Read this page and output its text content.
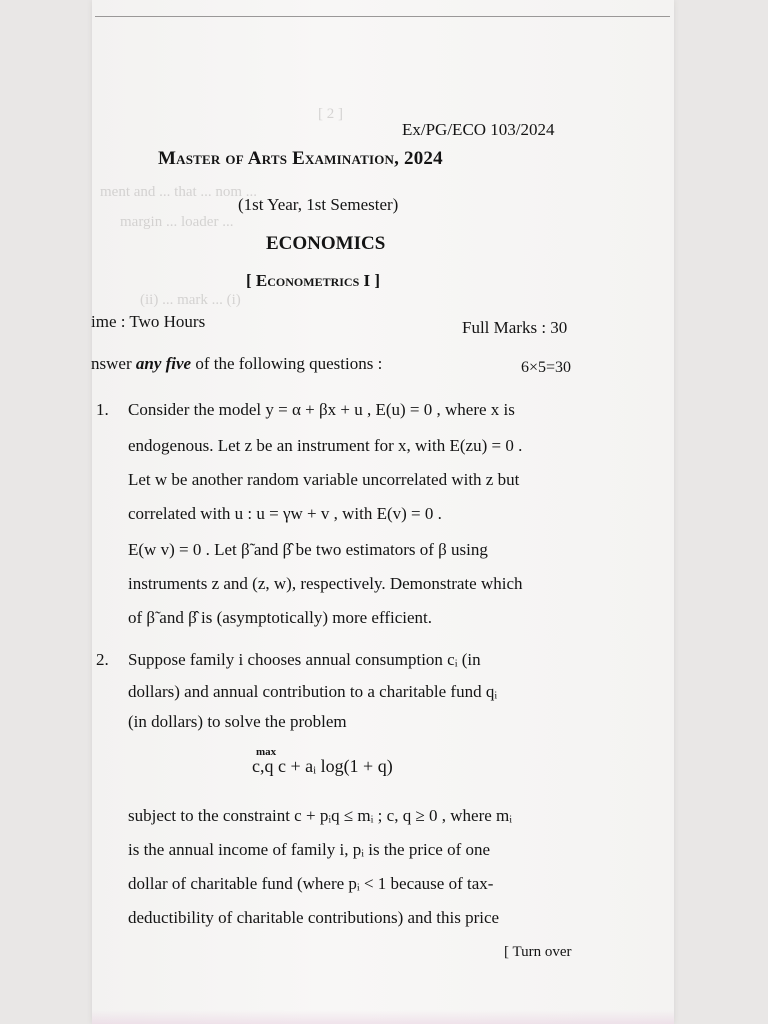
[ 2 ]
ment and ... that ... nom ...
margin ... loader ...
(ii) ... mark ... (i)
Ex/PG/ECO 103/2024
Master of Arts Examination, 2024
(1st Year, 1st Semester)
ECONOMICS
[ Econometrics I ]
ime : Two Hours	Full Marks : 30
nswer any five of the following questions :	6×5=30
1. Consider the model y = α + βx + u , E(u) = 0 , where x is
endogenous. Let z be an instrument for x, with E(zu) = 0 .
Let w be another random variable uncorrelated with z but
correlated with u : u = γw + v , with E(v) = 0 .
E(w v) = 0 . Let β̃ and β̂ be two estimators of β using
instruments z and (z, w), respectively. Demonstrate which
of β̃ and β̂ is (asymptotically) more efficient.
2. Suppose family i chooses annual consumption cᵢ (in
dollars) and annual contribution to a charitable fund qᵢ
(in dollars) to solve the problem
max
c,q c + aᵢ log(1 + q)
subject to the constraint c + pᵢq ≤ mᵢ ; c, q ≥ 0 , where mᵢ
is the annual income of family i, pᵢ is the price of one
dollar of charitable fund (where pᵢ < 1 because of tax-
deductibility of charitable contributions) and this price
[ Turn over
